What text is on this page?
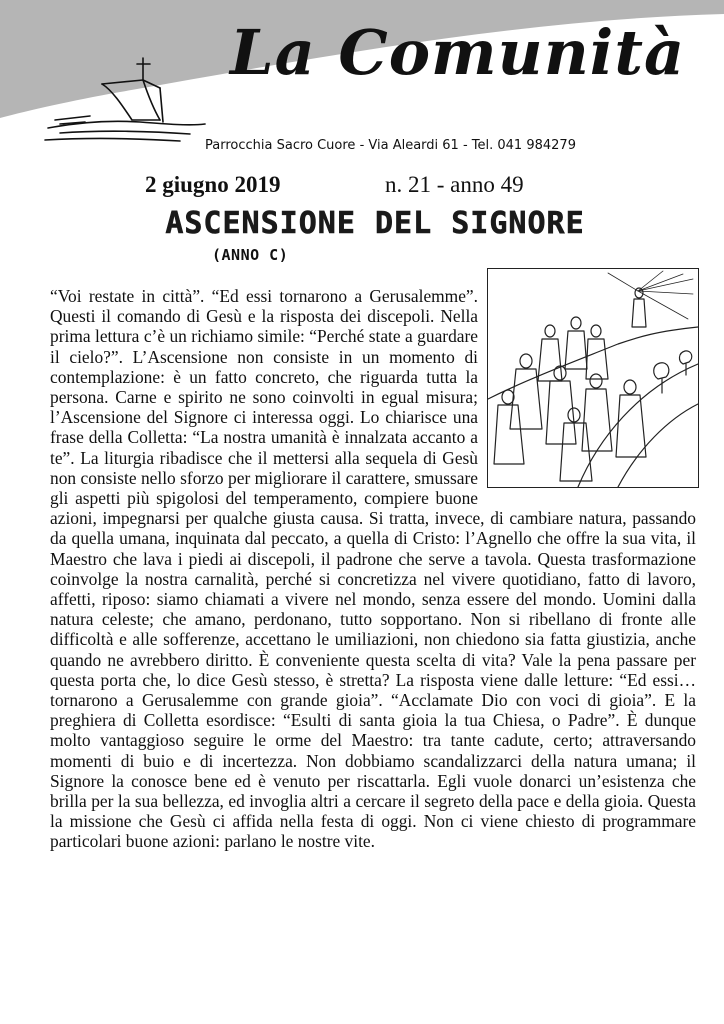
La Comunità
Parrocchia Sacro Cuore - Via Aleardi 61 - Tel. 041 984279
2 giugno 2019	n. 21 - anno 49
ASCENSIONE DEL SIGNORE
(ANNO C)
“Voi restate in città”. “Ed essi tornarono a Gerusalemme”. Questi il comando di Gesù e la risposta dei discepoli. Nella prima lettura c’è un richiamo simile: “Perché state a guardare il cielo?”. L’Ascensione non consiste in un momento di contemplazione: è un fatto concreto, che riguarda tutta la persona. Carne e spirito ne sono coinvolti in egual misura; l’Ascensione del Signore ci interessa oggi. Lo chiarisce una frase della Colletta: “La nostra umanità è innalzata accanto a te”. La liturgia ribadisce che il mettersi alla sequela di Gesù non consiste nello sforzo per migliorare il carattere, smussare gli aspetti più spigolosi del temperamento, compiere buone azioni, impegnarsi per qualche giusta causa. Si tratta, invece, di cambiare natura, passando da quella umana, inquinata dal peccato, a quella di Cristo: l’Agnello che offre la sua vita, il Maestro che lava i piedi ai discepoli, il padrone che serve a tavola. Questa trasformazione coinvolge la nostra carnalità, perché si concretizza nel vivere quotidiano, fatto di lavoro, affetti, riposo: siamo chiamati a vivere nel mondo, senza essere del mondo. Uomini dalla natura celeste; che amano, perdonano, tutto sopportano. Non si ribellano di fronte alle difficoltà e alle sofferenze, accettano le umiliazioni, non chiedono sia fatta giustizia, anche quando ne avrebbero diritto. È conveniente questa scelta di vita? Vale la pena passare per questa porta che, lo dice Gesù stesso, è stretta? La risposta viene dalle letture: “Ed essi… tornarono a Gerusalemme con grande gioia”. “Acclamate Dio con voci di gioia”. E la preghiera di Colletta esordisce: “Esulti di santa gioia la tua Chiesa, o Padre”. È dunque molto vantaggioso seguire le orme del Maestro: tra tante cadute, certo; attraversando momenti di buio e di incertezza. Non dobbiamo scandalizzarci della natura umana; il Signore la conosce bene ed è venuto per riscattarla. Egli vuole donarci un’esistenza che brilla per la sua bellezza, ed invoglia altri a cercare il segreto della pace e della gioia. Questa la missione che Gesù ci affida nella festa di oggi. Non ci viene chiesto di programmare particolari buone azioni: parlano le nostre vite.
